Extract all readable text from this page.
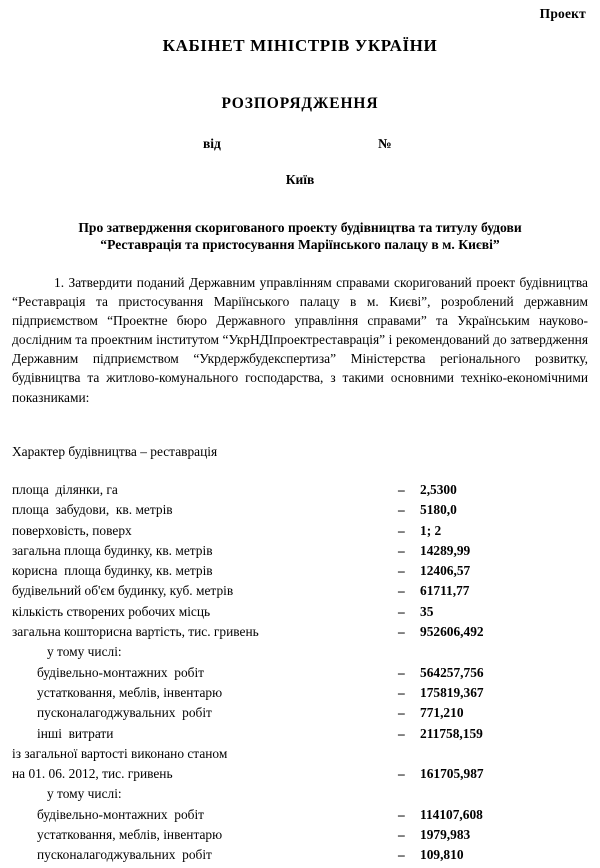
Проект
КАБІНЕТ МІНІСТРІВ УКРАЇНИ
РОЗПОРЯДЖЕННЯ
від	№
Київ
Про затвердження скоригованого проекту будівництва та титулу будови
“Реставрація та пристосування Маріїнського палацу в м. Києві”
1. Затвердити поданий Державним управлінням справами скоригований проект будівництва “Реставрація та пристосування Маріїнського палацу в м. Києві”, розроблений державним підприємством “Проектне бюро Державного управління справами” та Українським науково-дослідним та проектним інститутом “УкрНДІпроектреставрація” і рекомендований до затвердження Державним підприємством “Укрдержбудекспертиза” Міністерства регіонального розвитку, будівництва та житлово-комунального господарства, з такими основними техніко-економічними показниками:
Характер будівництва – реставрація
площа  ділянки, га	– 2,5300
площа  забудови,  кв. метрів	– 5180,0
поверховість, поверх	– 1; 2
загальна площа будинку, кв. метрів	– 14289,99
корисна  площа будинку, кв. метрів	– 12406,57
будівельний об'єм будинку, куб. метрів	– 61711,77
кількість створених робочих місць	– 35
загальна кошторисна вартість, тис. гривень	– 952606,492
у тому числі:
будівельно-монтажних  робіт	– 564257,756
устатковання, меблів, інвентарю	– 175819,367
пусконалагоджувальних  робіт	– 771,210
інші  витрати	– 211758,159
із загальної вартості виконано станом
на 01. 06. 2012, тис. гривень	– 161705,987
у тому числі:
будівельно-монтажних  робіт	– 114107,608
устатковання, меблів, інвентарю	– 1979,983
пусконалагоджувальних  робіт	– 109,810
